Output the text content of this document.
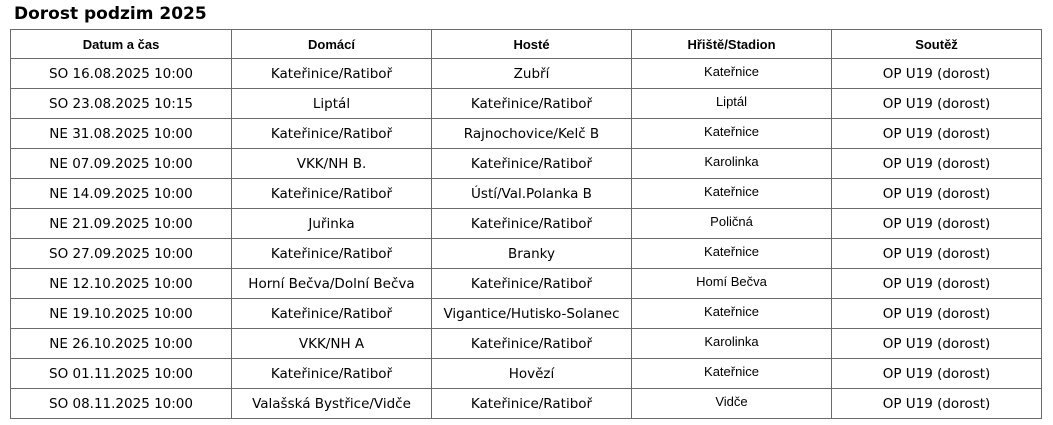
Dorost podzim 2025
Datum a čas	Domácí	Hosté	Hřiště/Stadion	Soutěž
SO 16.08.2025 10:00	Kateřinice/Ratiboř	Zubří	Kateřnice	OP U19 (dorost)
SO 23.08.2025 10:15	Liptál	Kateřinice/Ratiboř	Liptál	OP U19 (dorost)
NE 31.08.2025 10:00	Kateřinice/Ratiboř	Rajnochovice/Kelč B	Kateřnice	OP U19 (dorost)
NE 07.09.2025 10:00	VKK/NH B.	Kateřinice/Ratiboř	Karolinka	OP U19 (dorost)
NE 14.09.2025 10:00	Kateřinice/Ratiboř	Ústí/Val.Polanka B	Kateřnice	OP U19 (dorost)
NE 21.09.2025 10:00	Juřinka	Kateřinice/Ratiboř	Poličná	OP U19 (dorost)
SO 27.09.2025 10:00	Kateřinice/Ratiboř	Branky	Kateřnice	OP U19 (dorost)
NE 12.10.2025 10:00	Horní Bečva/Dolní Bečva	Kateřinice/Ratiboř	Homí Bečva	OP U19 (dorost)
NE 19.10.2025 10:00	Kateřinice/Ratiboř	Vigantice/Hutisko-Solanec	Kateřnice	OP U19 (dorost)
NE 26.10.2025 10:00	VKK/NH A	Kateřinice/Ratiboř	Karolinka	OP U19 (dorost)
SO 01.11.2025 10:00	Kateřinice/Ratiboř	Hovězí	Kateřnice	OP U19 (dorost)
SO 08.11.2025 10:00	Valašská Bystřice/Vidče	Kateřinice/Ratiboř	Vidče	OP U19 (dorost)
